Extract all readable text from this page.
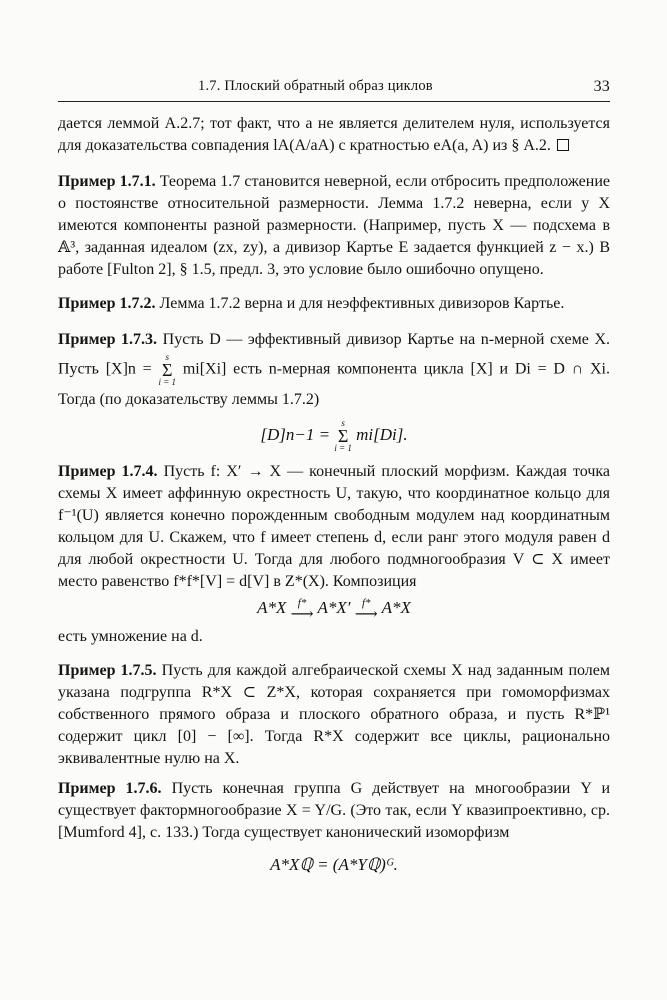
1.7. Плоский обратный образ циклов	33

дается леммой А.2.7; тот факт, что a не является делителем нуля, используется для доказательства совпадения lA(A/aA) с кратностью eA(a, A) из § А.2.

Пример 1.7.1. Теорема 1.7 становится неверной, если отбросить предположение о постоянстве относительной размерности. Лемма 1.7.2 неверна, если у X имеются компоненты разной размерности. (Например, пусть X — подсхема в 𝔸³, заданная идеалом (zx, zy), а дивизор Картье E задается функцией z − x.) В работе [Fulton 2], § 1.5, предл. 3, это условие было ошибочно опущено.

Пример 1.7.2. Лемма 1.7.2 верна и для неэффективных дивизоров Картье.

Пример 1.7.3. Пусть D — эффективный дивизор Картье на n-мерной схеме X. Пусть [X]n =
s
Σ
i = 1
mi[Xi] есть n-мерная компонента цикла [X] и Di = D ∩ Xi. Тогда (по доказательству леммы 1.7.2)

[D]n−1 =
s
Σ
i = 1
mi[Di].

Пример 1.7.4. Пусть f: X′ → X — конечный плоский морфизм. Каждая точка схемы X имеет аффинную окрестность U, такую, что координатное кольцо для f⁻¹(U) является конечно порожденным свободным модулем над координатным кольцом для U. Скажем, что f имеет степень d, если ранг этого модуля равен d для любой окрестности U. Тогда для любого подмногообразия V ⊂ X имеет место равенство f*f*[V] = d[V] в Z*(X). Композиция

A*X	f*
⟶ A*X′	f*
⟶ A*X

есть умножение на d.

Пример 1.7.5. Пусть для каждой алгебраической схемы X над заданным полем указана подгруппа R*X ⊂ Z*X, которая сохраняется при гомоморфизмах собственного прямого образа и плоского обратного образа, и пусть R*ℙ¹ содержит цикл [0] − [∞]. Тогда R*X содержит все циклы, рационально эквивалентные нулю на X.

Пример 1.7.6. Пусть конечная группа G действует на многообразии Y и существует фактормногообразие X = Y/G. (Это так, если Y квазипроективно, ср. [Mumford 4], с. 133.) Тогда существует канонический изоморфизм

A*Xℚ = (A*Yℚ)ᴳ.
